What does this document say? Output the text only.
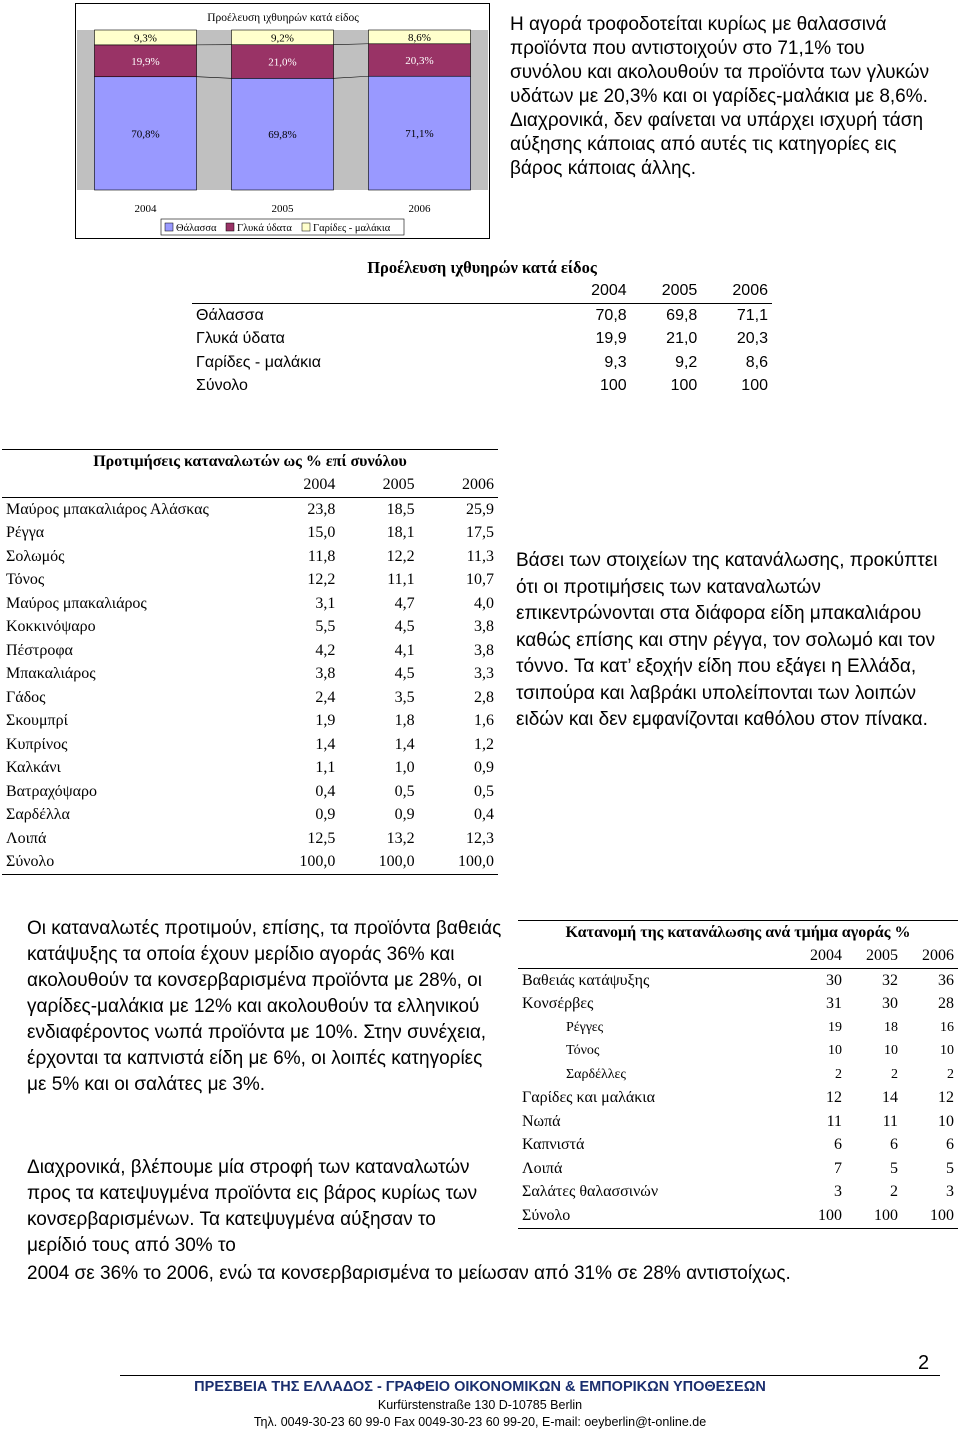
Προέλευση ιχθυηρών κατά είδος
70,8%
19,9%
9,3%
2004
69,8%
21,0%
9,2%
2005
71,1%
20,3%
8,6%
2006
Θάλασσα Γλυκά ύδατα Γαρίδες - μαλάκια
Η αγορά τροφοδοτείται κυρίως με θαλασσινά προϊόντα που αντιστοιχούν στο 71,1% του συνόλου και ακολουθούν τα προϊόντα των γλυκών υδάτων με 20,3% και οι γαρίδες-μαλάκια με 8,6%. Διαχρονικά, δεν φαίνεται να υπάρχει ισχυρή τάση αύξησης κάποιας από αυτές τις κατηγορίες εις βάρος κάποιας άλλης.
Προέλευση ιχθυηρών κατά είδος			
	2004	2005	2006
Θάλασσα	70,8	69,8	71,1
Γλυκά ύδατα	19,9	21,0	20,3
Γαρίδες - μαλάκια	9,3	9,2	8,6
Σύνολο	100	100	100
Προτιμήσεις καταναλωτών ως % επί συνόλου			
	2004	2005	2006
Μαύρος μπακαλιάρος Αλάσκας	23,8	18,5	25,9
Ρέγγα	15,0	18,1	17,5
Σολωμός	11,8	12,2	11,3
Τόνος	12,2	11,1	10,7
Μαύρος μπακαλιάρος	3,1	4,7	4,0
Κοκκινόψαρο	5,5	4,5	3,8
Πέστροφα	4,2	4,1	3,8
Μπακαλιάρος	3,8	4,5	3,3
Γάδος	2,4	3,5	2,8
Σκουμπρί	1,9	1,8	1,6
Κυπρίνος	1,4	1,4	1,2
Καλκάνι	1,1	1,0	0,9
Βατραχόψαρο	0,4	0,5	0,5
Σαρδέλλα	0,9	0,9	0,4
Λοιπά	12,5	13,2	12,3
Σύνολο	100,0	100,0	100,0
Βάσει των στοιχείων της κατανάλωσης, προκύπτει ότι οι προτιμήσεις των καταναλωτών επικεντρώνονται στα διάφορα είδη μπακαλιάρου καθώς επίσης και στην ρέγγα, τον σολωμό και τον τόννο. Τα κατ’ εξοχήν είδη που εξάγει η Ελλάδα, τσιπούρα και λαβράκι υπολείπονται των λοιπών ειδών και δεν εμφανίζονται καθόλου στον πίνακα.
Οι καταναλωτές προτιμούν, επίσης, τα προϊόντα βαθειάς κατάψυξης τα οποία έχουν μερίδιο αγοράς 36% και ακολουθούν τα κονσερβαρισμένα προϊόντα με 28%, οι γαρίδες-μαλάκια με 12% και ακολουθούν τα ελληνικού ενδιαφέροντος νωπά προϊόντα με 10%. Στην συνέχεια, έρχονται τα καπνιστά είδη με 6%, οι λοιπές κατηγορίες με 5% και οι σαλάτες με 3%.
Διαχρονικά, βλέπουμε μία στροφή των καταναλωτών προς τα κατεψυγμένα προϊόντα εις βάρος κυρίως των κονσερβαρισμένων. Τα κατεψυγμένα αύξησαν το μερίδιό τους από 30% το
2004 σε 36% το 2006, ενώ τα κονσερβαρισμένα το μείωσαν από 31% σε 28% αντιστοίχως.
Κατανομή της κατανάλωσης ανά τμήμα αγοράς %			
	2004	2005	2006
Βαθειάς κατάψυξης	30	32	36
Κονσέρβες	31	30	28
Ρέγγες	19	18	16
Τόνος	10	10	10
Σαρδέλλες	2	2	2
Γαρίδες και μαλάκια	12	14	12
Νωπά	11	11	10
Καπνιστά	6	6	6
Λοιπά	7	5	5
Σαλάτες θαλασσινών	3	2	3
Σύνολο	100	100	100
2
ΠΡΕΣΒΕΙΑ ΤΗΣ ΕΛΛΑΔΟΣ - ΓΡΑΦΕΙΟ ΟΙΚΟΝΟΜΙΚΩΝ & ΕΜΠΟΡΙΚΩΝ ΥΠΟΘΕΣΕΩΝ
Kurfürstenstraße 130 D-10785 Berlin
Τηλ. 0049-30-23 60 99-0 Fax 0049-30-23 60 99-20, E-mail: oeyberlin@t-online.de
